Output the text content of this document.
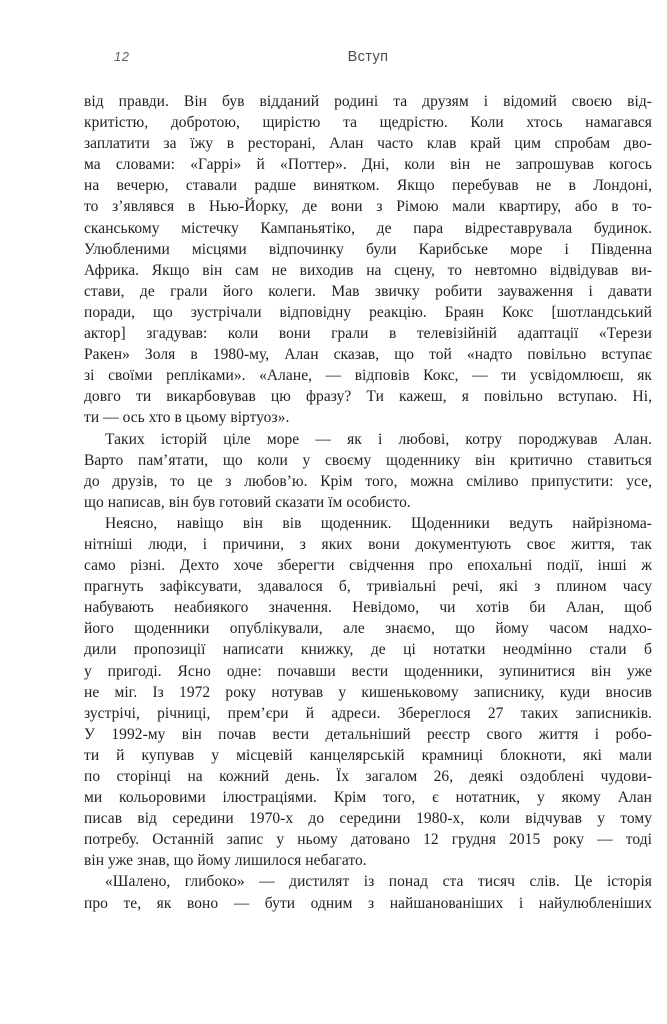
12	Вступ
від правди. Він був відданий родині та друзям і відомий своєю від-
критістю, добротою, щирістю та щедрістю. Коли хтось намагався
заплатити за їжу в ресторані, Алан часто клав край цим спробам дво-
ма словами: «Гаррі» й «Поттер». Дні, коли він не запрошував когось
на вечерю, ставали радше винятком. Якщо перебував не в Лондоні,
то з’являвся в Нью-Йорку, де вони з Рімою мали квартиру, або в то-
сканському містечку Кампаньятіко, де пара відреставрувала будинок.
Улюбленими місцями відпочинку були Карибське море і Південна
Африка. Якщо він сам не виходив на сцену, то невтомно відвідував ви-
стави, де грали його колеги. Мав звичку робити зауваження і давати
поради, що зустрічали відповідну реакцію. Браян Кокс [шотландський
актор] згадував: коли вони грали в телевізійній адаптації «Терези
Ракен» Золя в 1980-му, Алан сказав, що той «надто повільно вступає
зі своїми репліками». «Алане, — відповів Кокс, — ти усвідомлюєш, як
довго ти викарбовував цю фразу? Ти кажеш, я повільно вступаю. Ні,
ти — ось хто в цьому віртуоз».
Таких історій ціле море — як і любові, котру породжував Алан.
Варто пам’ятати, що коли у своєму щоденнику він критично ставиться
до друзів, то це з любов’ю. Крім того, можна сміливо припустити: усе,
що написав, він був готовий сказати їм особисто.
Неясно, навіщо він вів щоденник. Щоденники ведуть найрізнома-
нітніші люди, і причини, з яких вони документують своє життя, так
само різні. Дехто хоче зберегти свідчення про епохальні події, інші ж
прагнуть зафіксувати, здавалося б, тривіальні речі, які з плином часу
набувають неабиякого значення. Невідомо, чи хотів би Алан, щоб
його щоденники опублікували, але знаємо, що йому часом надхо-
дили пропозиції написати книжку, де ці нотатки неодмінно стали б
у пригоді. Ясно одне: почавши вести щоденники, зупинитися він уже
не міг. Із 1972 року нотував у кишеньковому записнику, куди вносив
зустрічі, річниці, прем’єри й адреси. Збереглося 27 таких записників.
У 1992-му він почав вести детальніший реєстр свого життя і робо-
ти й купував у місцевій канцелярській крамниці блокноти, які мали
по сторінці на кожний день. Їх загалом 26, деякі оздоблені чудови-
ми кольоровими ілюстраціями. Крім того, є нотатник, у якому Алан
писав від середини 1970-х до середини 1980-х, коли відчував у тому
потребу. Останній запис у ньому датовано 12 грудня 2015 року — тоді
він уже знав, що йому лишилося небагато.
«Шалено, глибоко» — дистилят із понад ста тисяч слів. Це історія
про те, як воно — бути одним з найшанованіших і найулюбленіших
